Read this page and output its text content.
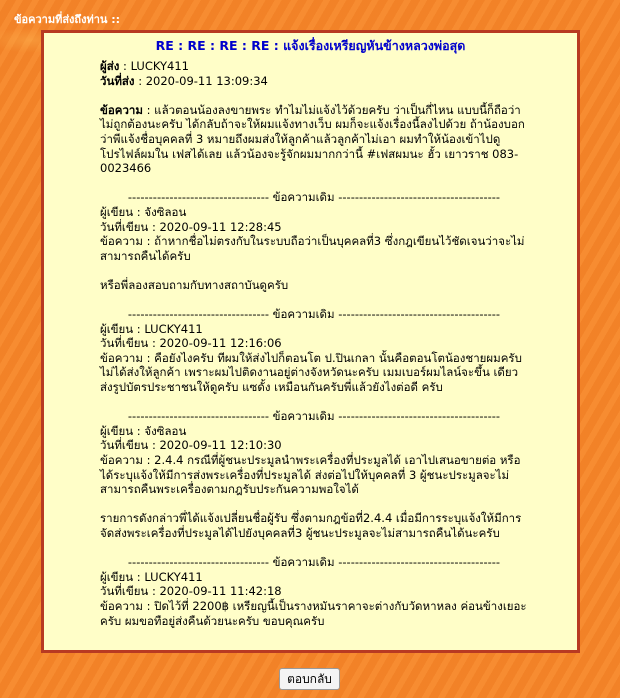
ข้อความที่ส่งถึงท่าน ::
RE : RE : RE : RE : แจ้งเรื่องเหรียญหันข้างหลวงพ่อสุด
ผู้ส่ง : LUCKY411
วันที่ส่ง : 2020-09-11 13:09:34

ข้อความ : แล้วตอนน้องลงขายพระ ทำไมไม่แจ้งไว้ด้วยครับ ว่าเป็นกี่ไหน แบบนี้ก็ถือว่าไม่ถูกต้องนะครับ ได้กลับถ้าจะให้ผมแจ้งทางเว็บ ผมก็จะแจ้งเรื่องนี้ลงไปด้วย ถ้าน้องบอกว่าพีแจ้งชื่อบุคคลที่ 3 หมายถึงผมส่งให้ลูกค้าแล้วลูกค้าไม่เอา ผมทำให้น้องเข้าไปดูโปรไฟล์ผมใน เฟสได้เลย แล้วน้องจะรู้จักผมมากกว่านี้ #เฟสผมนะ ฮั้ว เยาวราช 083-0023466

---------------------------------- ข้อความเดิม ---------------------------------------
ผู้เขียน : จังซิลอน
วันที่เขียน : 2020-09-11 12:28:45

ข้อความ : ถ้าหากชื่อไม่ตรงกับในระบบถือว่าเป็นบุคคลที่3 ซึ่งกฎเขียนไว้ชัดเจนว่าจะไม่สามารถคืนได้ครับ

หรือพี่ลองสอบถามกับทางสถาบันดูครับ

---------------------------------- ข้อความเดิม ---------------------------------------
ผู้เขียน : LUCKY411
วันที่เขียน : 2020-09-11 12:16:06

ข้อความ : คือยังไงครับ ทีผมให้ส่งไปก็ตอนโต ป.ปินเกลา นั้นคือตอนโตน้องชายผมครับ ไม่ได้ส่งให้ลูกค้า เพราะผมไปติดงานอยู่ต่างจังหวัดนะครับ เมมเบอร์ผมไลน์จะขึ้น เดียวส่งรูปบัตรประชาชนให้ดูครับ แซดั้ง เหมือนกันครับพี่แล้วยังไงต่อดี ครับ

---------------------------------- ข้อความเดิม ---------------------------------------
ผู้เขียน : จังซิลอน
วันที่เขียน : 2020-09-11 12:10:30

ข้อความ : 2.4.4 กรณีที่ผู้ชนะประมูลนำพระเครื่องที่ประมูลได้ เอาไปเสนอขายต่อ หรือ ได้ระบุแจ้งให้มีการส่งพระเครื่องที่ประมูลได้ ส่งต่อไปให้บุคคลที่ 3 ผู้ชนะประมูลจะไม่สามารถคืนพระเครื่องตามกฎรับประกันความพอใจได้

รายการดังกล่าวพี่ได้แจ้งเปลี่ยนชื่อผู้รับ ซึ่งตามกฎข้อที่2.4.4 เมื่อมีการระบุแจ้งให้มีการจัดส่งพระเครื่องที่ประมูลได้ไปยังบุคคลที่3 ผู้ชนะประมูลจะไม่สามารถคืนได้นะครับ

---------------------------------- ข้อความเดิม ---------------------------------------
ผู้เขียน : LUCKY411
วันที่เขียน : 2020-09-11 11:42:18

ข้อความ : ปิดไว้ที่ 2200฿ เหรียญนี้เป็นรางหมันราคาจะต่างกับวัดหาหลง ค่อนข้างเยอะครับ ผมขอทือยู่ส่งคืนด้วยนะครับ ขอบคุณครับ

ตอบกลับ
